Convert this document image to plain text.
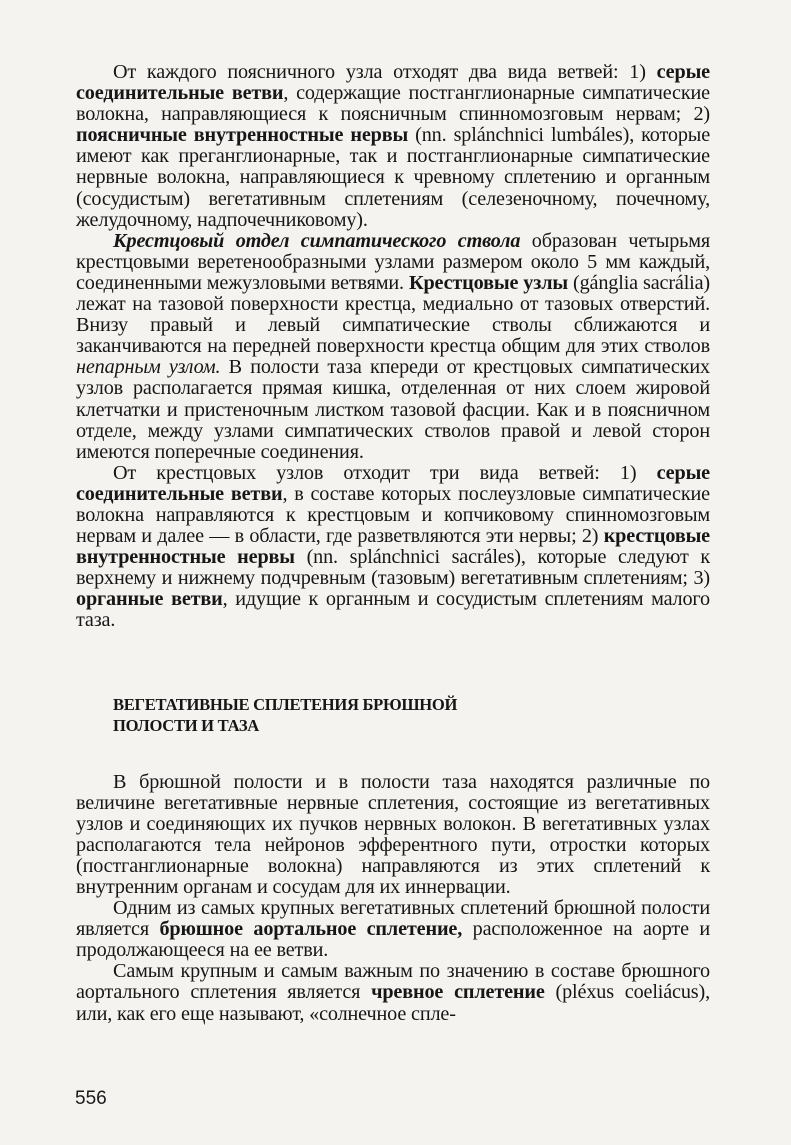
От каждого поясничного узла отходят два вида ветвей: 1) серые соединительные ветви, содержащие постганглионарные симпатические волокна, направляющиеся к поясничным спинномозговым нервам; 2) поясничные внутренностные нервы (nn. splánchnici lumbáles), которые имеют как преганглионарные, так и постганглионарные симпатические нервные волокна, направляющиеся к чревному сплетению и органным (сосудистым) вегетативным сплетениям (селезеночному, почечному, желудочному, надпочечниковому).

Крестцовый отдел симпатического ствола образован четырьмя крестцовыми веретенообразными узлами размером около 5 мм каждый, соединенными межузловыми ветвями. Крестцовые узлы (gánglia sacrália) лежат на тазовой поверхности крестца, медиально от тазовых отверстий. Внизу правый и левый симпатические стволы сближаются и заканчиваются на передней поверхности крестца общим для этих стволов непарным узлом. В полости таза кпереди от крестцовых симпатических узлов располагается прямая кишка, отделенная от них слоем жировой клетчатки и пристеночным листком тазовой фасции. Как и в поясничном отделе, между узлами симпатических стволов правой и левой сторон имеются поперечные соединения.

От крестцовых узлов отходит три вида ветвей: 1) серые соединительные ветви, в составе которых послеузловые симпатические волокна направляются к крестцовым и копчиковому спинномозговым нервам и далее — в области, где разветвляются эти нервы; 2) крестцовые внутренностные нервы (nn. splánchnici sacráles), которые следуют к верхнему и нижнему подчревным (тазовым) вегетативным сплетениям; 3) органные ветви, идущие к органным и сосудистым сплетениям малого таза.

ВЕГЕТАТИВНЫЕ СПЛЕТЕНИЯ БРЮШНОЙ
ПОЛОСТИ И ТАЗА

В брюшной полости и в полости таза находятся различные по величине вегетативные нервные сплетения, состоящие из вегетативных узлов и соединяющих их пучков нервных волокон. В вегетативных узлах располагаются тела нейронов эфферентного пути, отростки которых (постганглионарные волокна) направляются из этих сплетений к внутренним органам и сосудам для их иннервации.

Одним из самых крупных вегетативных сплетений брюшной полости является брюшное аортальное сплетение, расположенное на аорте и продолжающееся на ее ветви.

Самым крупным и самым важным по значению в составе брюшного аортального сплетения является чревное сплетение (pléxus coeliácus), или, как его еще называют, «солнечное спле-

556
